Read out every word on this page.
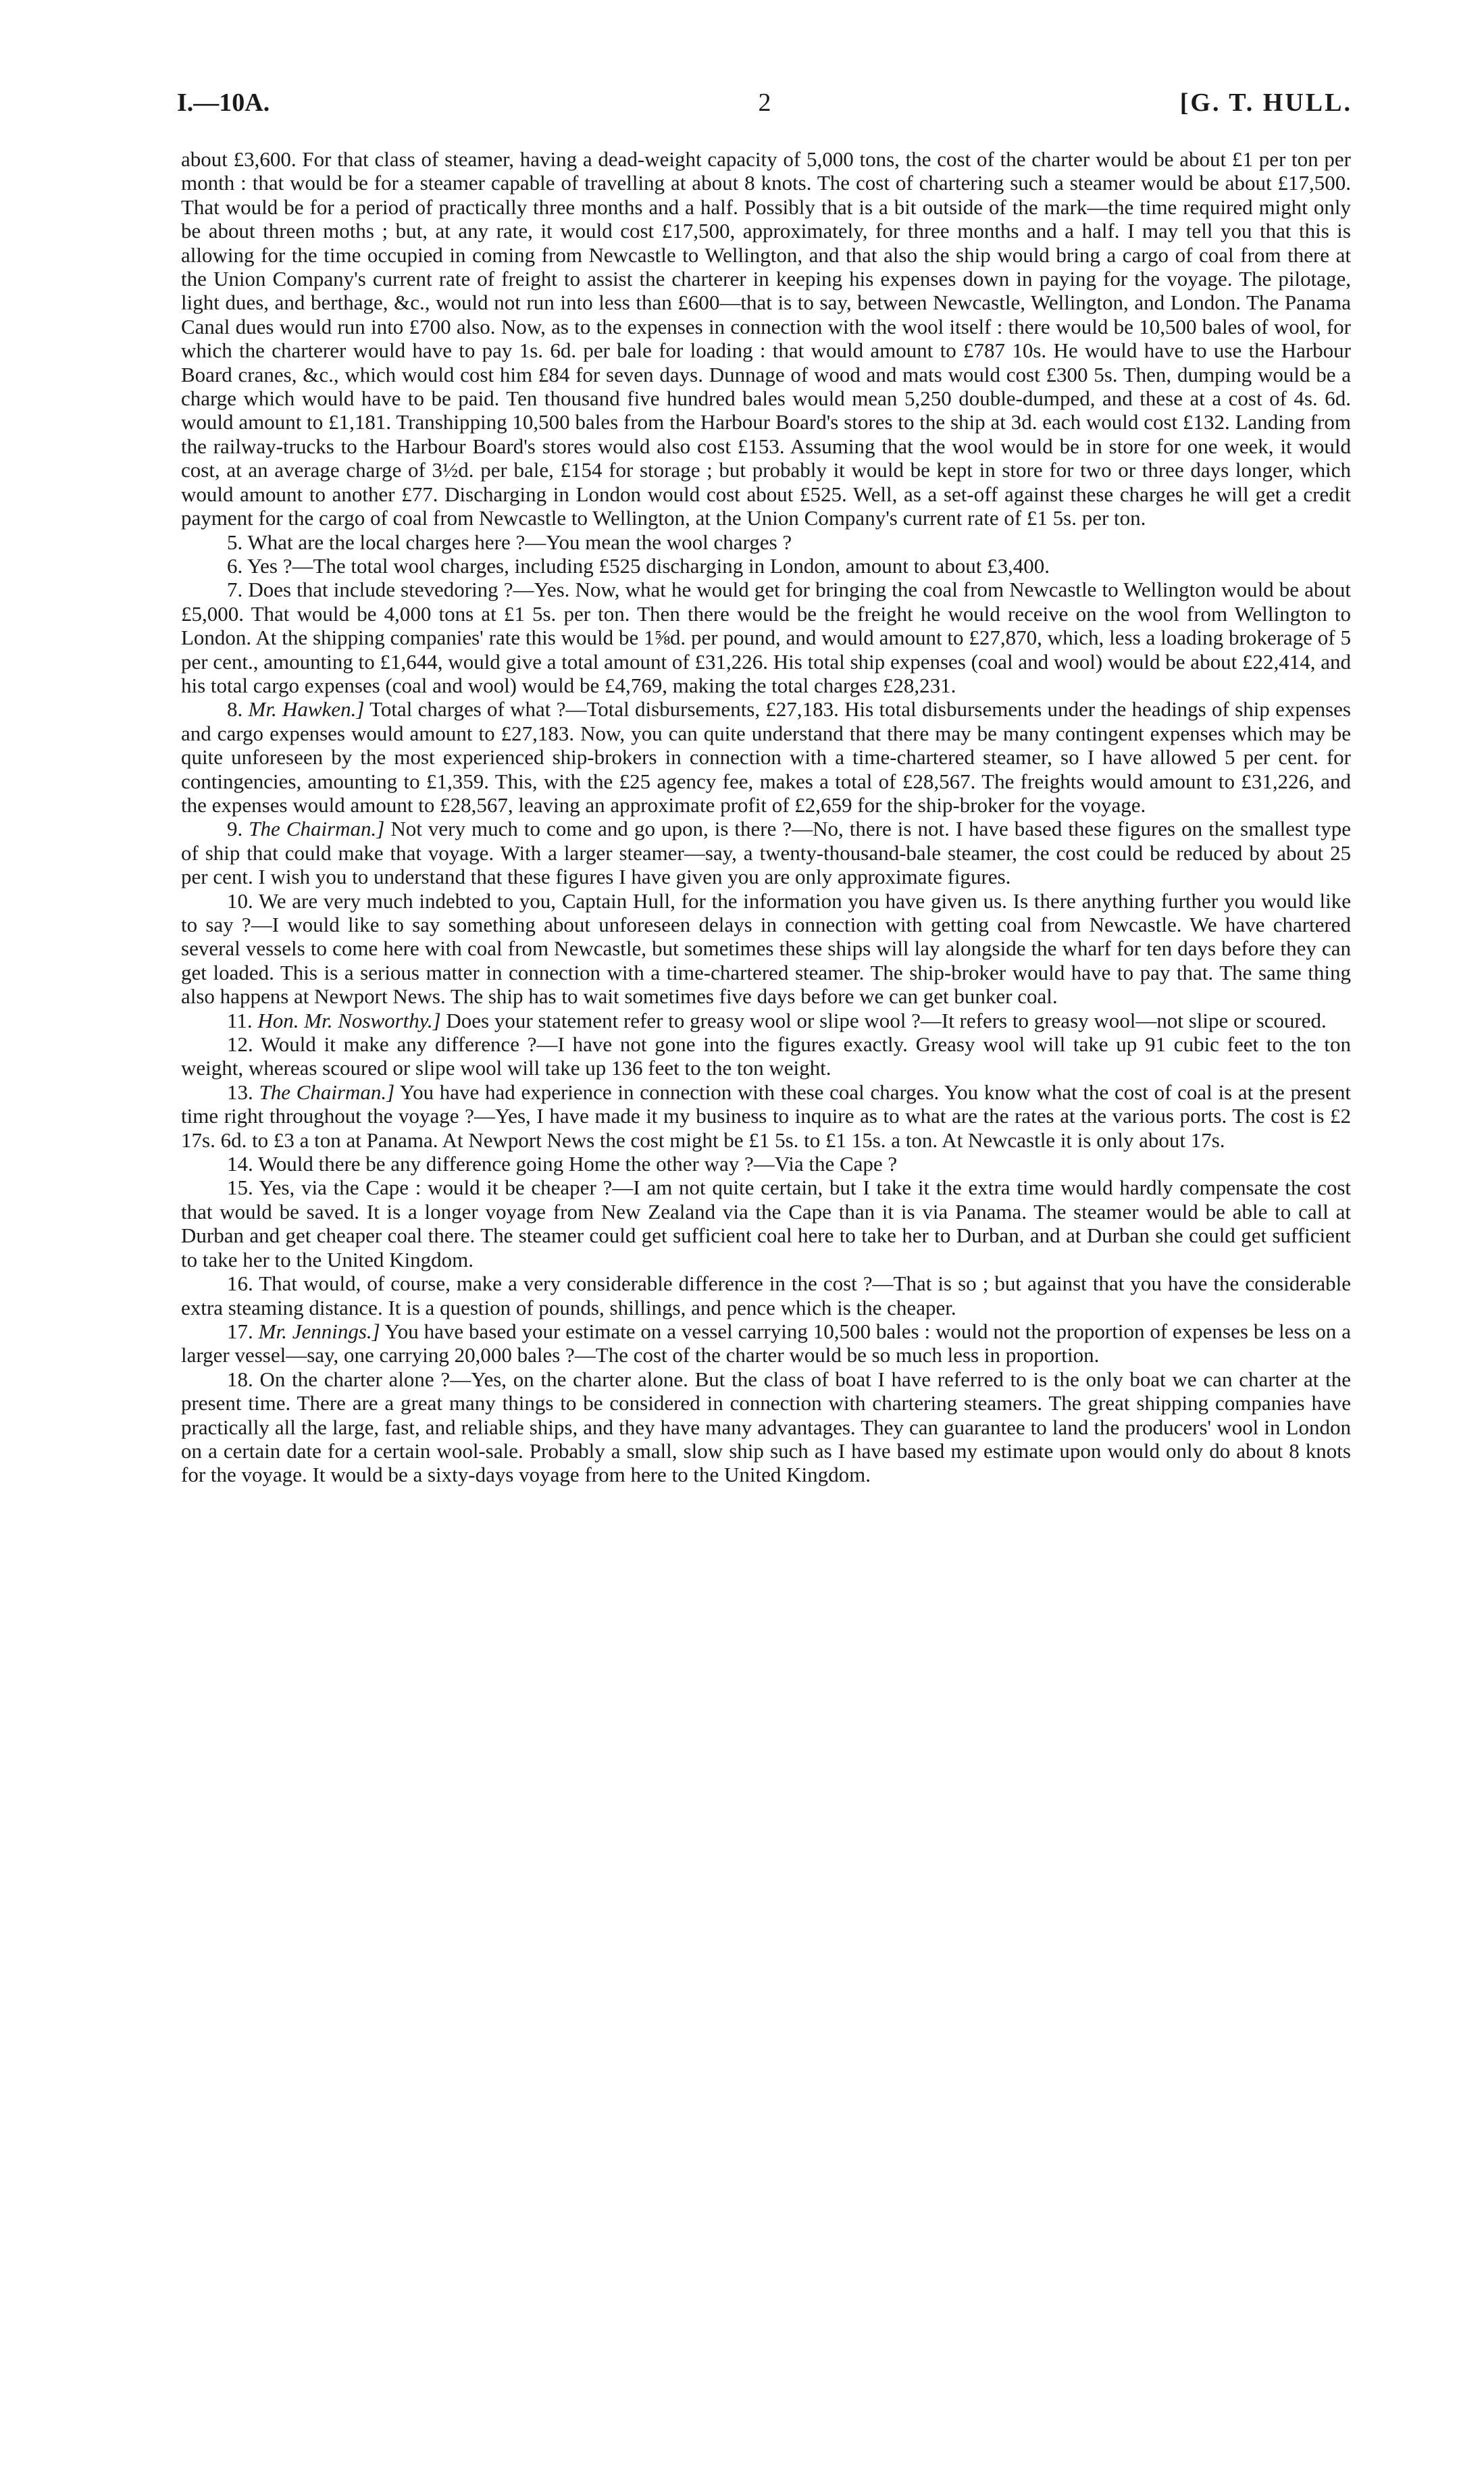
I.—10A.	2	[G. T. HULL.

about £3,600. For that class of steamer, having a dead-weight capacity of 5,000 tons, the cost of the charter would be about £1 per ton per month : that would be for a steamer capable of travelling at about 8 knots. The cost of chartering such a steamer would be about £17,500. That would be for a period of practically three months and a half. Possibly that is a bit outside of the mark—the time required might only be about threen moths ; but, at any rate, it would cost £17,500, approximately, for three months and a half. I may tell you that this is allowing for the time occupied in coming from Newcastle to Wellington, and that also the ship would bring a cargo of coal from there at the Union Company's current rate of freight to assist the charterer in keeping his expenses down in paying for the voyage. The pilotage, light dues, and berthage, &c., would not run into less than £600—that is to say, between Newcastle, Wellington, and London. The Panama Canal dues would run into £700 also. Now, as to the expenses in connection with the wool itself : there would be 10,500 bales of wool, for which the charterer would have to pay 1s. 6d. per bale for loading : that would amount to £787 10s. He would have to use the Harbour Board cranes, &c., which would cost him £84 for seven days. Dunnage of wood and mats would cost £300 5s. Then, dumping would be a charge which would have to be paid. Ten thousand five hundred bales would mean 5,250 double-dumped, and these at a cost of 4s. 6d. would amount to £1,181. Transhipping 10,500 bales from the Harbour Board's stores to the ship at 3d. each would cost £132. Landing from the railway-trucks to the Harbour Board's stores would also cost £153. Assuming that the wool would be in store for one week, it would cost, at an average charge of 3½d. per bale, £154 for storage ; but probably it would be kept in store for two or three days longer, which would amount to another £77. Discharging in London would cost about £525. Well, as a set-off against these charges he will get a credit payment for the cargo of coal from Newcastle to Wellington, at the Union Company's current rate of £1 5s. per ton.

5. What are the local charges here ?—You mean the wool charges ?

6. Yes ?—The total wool charges, including £525 discharging in London, amount to about £3,400.

7. Does that include stevedoring ?—Yes. Now, what he would get for bringing the coal from Newcastle to Wellington would be about £5,000. That would be 4,000 tons at £1 5s. per ton. Then there would be the freight he would receive on the wool from Wellington to London. At the shipping companies' rate this would be 1⅝d. per pound, and would amount to £27,870, which, less a loading brokerage of 5 per cent., amounting to £1,644, would give a total amount of £31,226. His total ship expenses (coal and wool) would be about £22,414, and his total cargo expenses (coal and wool) would be £4,769, making the total charges £28,231.

8. Mr. Hawken.] Total charges of what ?—Total disbursements, £27,183. His total disbursements under the headings of ship expenses and cargo expenses would amount to £27,183. Now, you can quite understand that there may be many contingent expenses which may be quite unforeseen by the most experienced ship-brokers in connection with a time-chartered steamer, so I have allowed 5 per cent. for contingencies, amounting to £1,359. This, with the £25 agency fee, makes a total of £28,567. The freights would amount to £31,226, and the expenses would amount to £28,567, leaving an approximate profit of £2,659 for the ship-broker for the voyage.

9. The Chairman.] Not very much to come and go upon, is there ?—No, there is not. I have based these figures on the smallest type of ship that could make that voyage. With a larger steamer—say, a twenty-thousand-bale steamer, the cost could be reduced by about 25 per cent. I wish you to understand that these figures I have given you are only approximate figures.

10. We are very much indebted to you, Captain Hull, for the information you have given us. Is there anything further you would like to say ?—I would like to say something about unforeseen delays in connection with getting coal from Newcastle. We have chartered several vessels to come here with coal from Newcastle, but sometimes these ships will lay alongside the wharf for ten days before they can get loaded. This is a serious matter in connection with a time-chartered steamer. The ship-broker would have to pay that. The same thing also happens at Newport News. The ship has to wait sometimes five days before we can get bunker coal.

11. Hon. Mr. Nosworthy.] Does your statement refer to greasy wool or slipe wool ?—It refers to greasy wool—not slipe or scoured.

12. Would it make any difference ?—I have not gone into the figures exactly. Greasy wool will take up 91 cubic feet to the ton weight, whereas scoured or slipe wool will take up 136 feet to the ton weight.

13. The Chairman.] You have had experience in connection with these coal charges. You know what the cost of coal is at the present time right throughout the voyage ?—Yes, I have made it my business to inquire as to what are the rates at the various ports. The cost is £2 17s. 6d. to £3 a ton at Panama. At Newport News the cost might be £1 5s. to £1 15s. a ton. At Newcastle it is only about 17s.

14. Would there be any difference going Home the other way ?—Via the Cape ?

15. Yes, via the Cape : would it be cheaper ?—I am not quite certain, but I take it the extra time would hardly compensate the cost that would be saved. It is a longer voyage from New Zealand via the Cape than it is via Panama. The steamer would be able to call at Durban and get cheaper coal there. The steamer could get sufficient coal here to take her to Durban, and at Durban she could get sufficient to take her to the United Kingdom.

16. That would, of course, make a very considerable difference in the cost ?—That is so ; but against that you have the considerable extra steaming distance. It is a question of pounds, shillings, and pence which is the cheaper.

17. Mr. Jennings.] You have based your estimate on a vessel carrying 10,500 bales : would not the proportion of expenses be less on a larger vessel—say, one carrying 20,000 bales ?—The cost of the charter would be so much less in proportion.

18. On the charter alone ?—Yes, on the charter alone. But the class of boat I have referred to is the only boat we can charter at the present time. There are a great many things to be considered in connection with chartering steamers. The great shipping companies have practically all the large, fast, and reliable ships, and they have many advantages. They can guarantee to land the producers' wool in London on a certain date for a certain wool-sale. Probably a small, slow ship such as I have based my estimate upon would only do about 8 knots for the voyage. It would be a sixty-days voyage from here to the United Kingdom.
